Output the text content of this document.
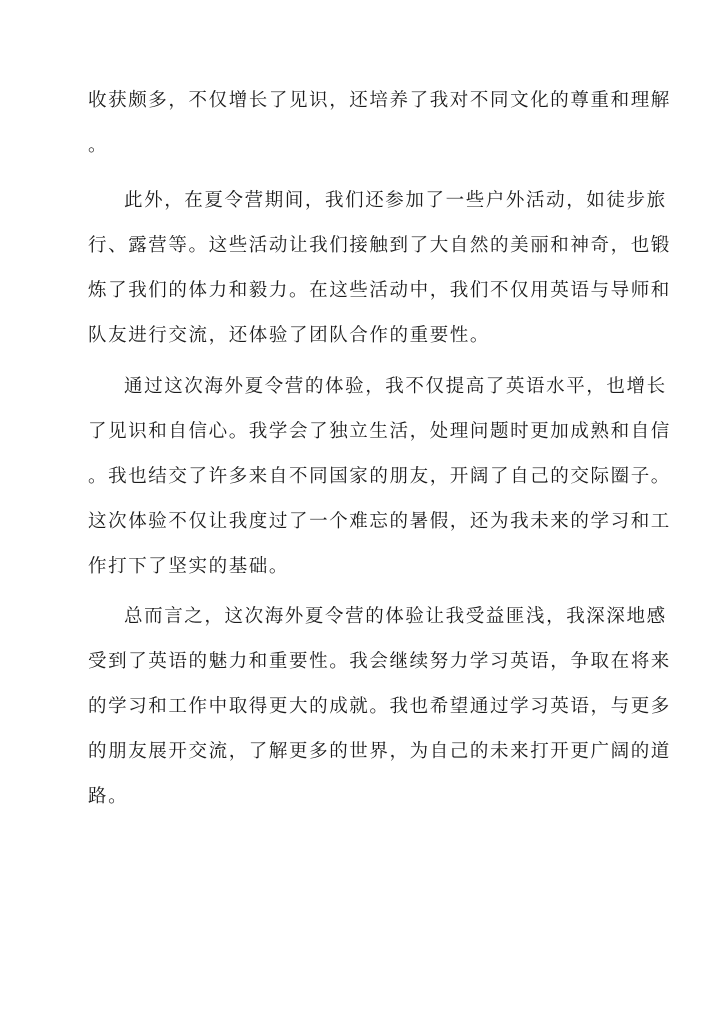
收获颇多，不仅增长了见识，还培养了我对不同文化的尊重和理解
。
此外，在夏令营期间，我们还参加了一些户外活动，如徒步旅
行、露营等。这些活动让我们接触到了大自然的美丽和神奇，也锻
炼了我们的体力和毅力。在这些活动中，我们不仅用英语与导师和
队友进行交流，还体验了团队合作的重要性。
通过这次海外夏令营的体验，我不仅提高了英语水平，也增长
了见识和自信心。我学会了独立生活，处理问题时更加成熟和自信
。我也结交了许多来自不同国家的朋友，开阔了自己的交际圈子。
这次体验不仅让我度过了一个难忘的暑假，还为我未来的学习和工
作打下了坚实的基础。
总而言之，这次海外夏令营的体验让我受益匪浅，我深深地感
受到了英语的魅力和重要性。我会继续努力学习英语，争取在将来
的学习和工作中取得更大的成就。我也希望通过学习英语，与更多
的朋友展开交流，了解更多的世界，为自己的未来打开更广阔的道
路。
